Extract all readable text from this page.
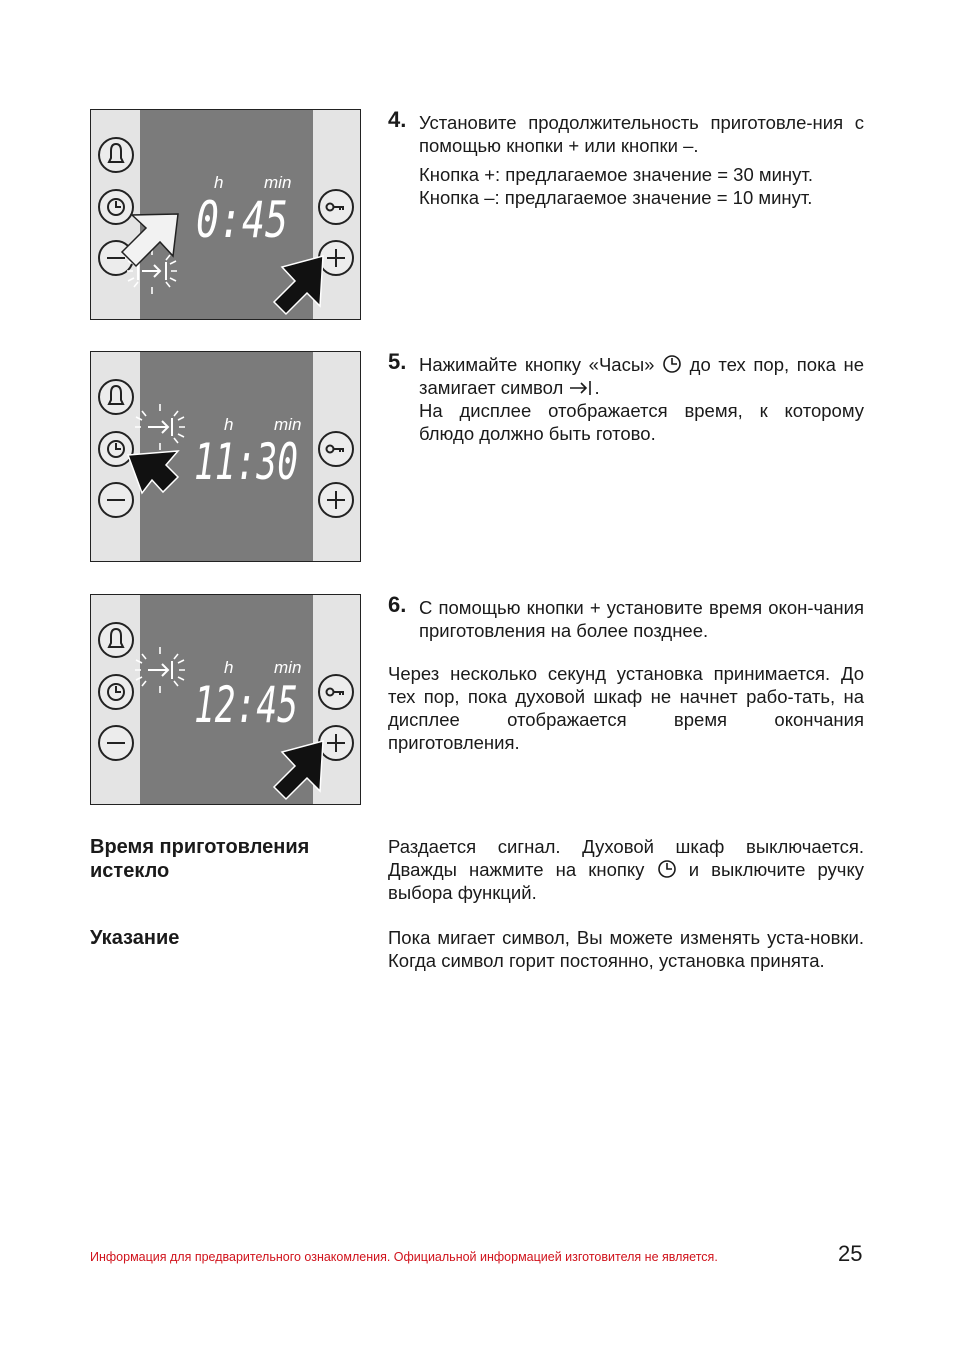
h min
0:45
h min
11:30
h min
12:45
4. Установите продолжительность приготовле-ния с помощью кнопки + или кнопки –.

Кнопка +: предлагаемое значение = 30 минут.
Кнопка –: предлагаемое значение = 10 минут.

5. Нажимайте кнопку «Часы» до тех пор, пока не замигает символ .
На дисплее отображается время, к которому блюдо должно быть готово.

6. С помощью кнопки + установите время окон-чания приготовления на более позднее.

Через несколько секунд установка принимается. До тех пор, пока духовой шкаф не начнет рабо-тать, на дисплее отображается время окончания приготовления.

Время приготовления истекло

Раздается сигнал. Духовой шкаф выключается. Дважды нажмите на кнопку и выключите ручку выбора функций.

Указание	Пока мигает символ, Вы можете изменять уста-новки. Когда символ горит постоянно, установка принята.

Информация для предварительного ознакомления. Официальной информацией изготовителя не является.	25
